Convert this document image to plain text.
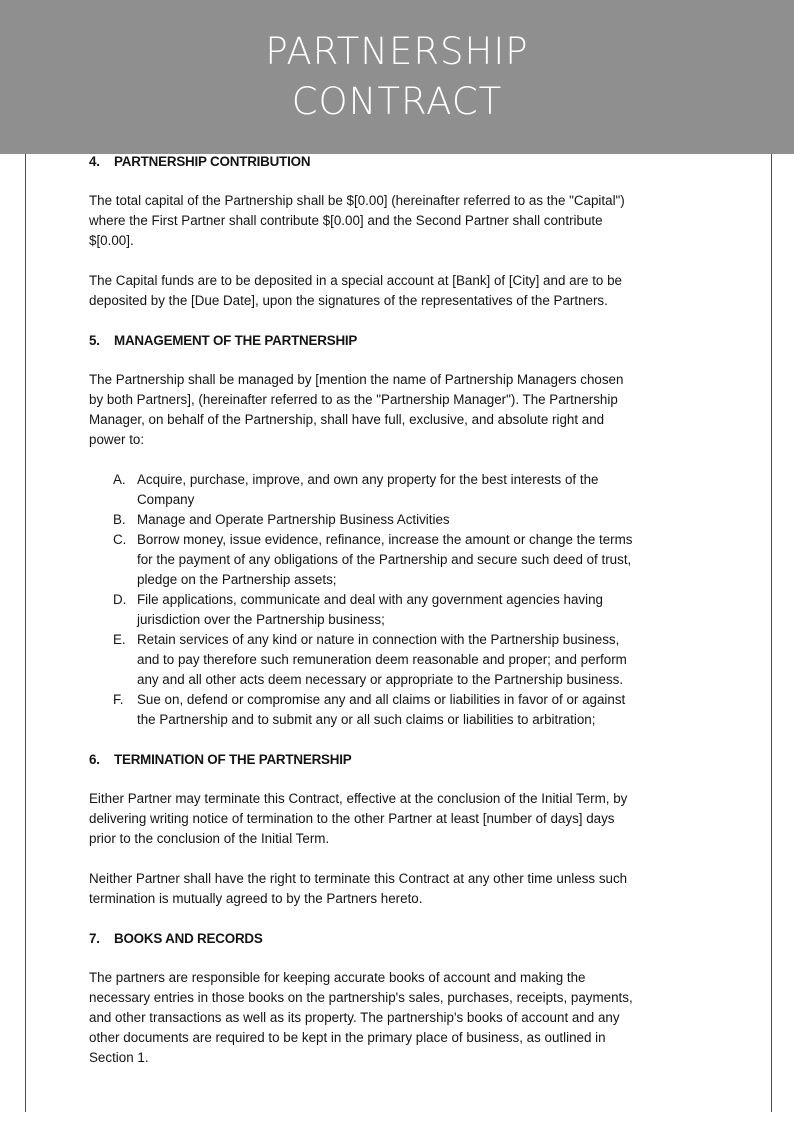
PARTNERSHIP
CONTRACT
4. PARTNERSHIP CONTRIBUTION
The total capital of the Partnership shall be $[0.00] (hereinafter referred to as the "Capital")
where the First Partner shall contribute $[0.00] and the Second Partner shall contribute
$[0.00].
The Capital funds are to be deposited in a special account at [Bank] of [City] and are to be
deposited by the [Due Date], upon the signatures of the representatives of the Partners.
5. MANAGEMENT OF THE PARTNERSHIP
The Partnership shall be managed by [mention the name of Partnership Managers chosen
by both Partners], (hereinafter referred to as the "Partnership Manager"). The Partnership
Manager, on behalf of the Partnership, shall have full, exclusive, and absolute right and
power to:
A. Acquire, purchase, improve, and own any property for the best interests of the
Company
B. Manage and Operate Partnership Business Activities
C. Borrow money, issue evidence, refinance, increase the amount or change the terms
for the payment of any obligations of the Partnership and secure such deed of trust,
pledge on the Partnership assets;
D. File applications, communicate and deal with any government agencies having
jurisdiction over the Partnership business;
E. Retain services of any kind or nature in connection with the Partnership business,
and to pay therefore such remuneration deem reasonable and proper; and perform
any and all other acts deem necessary or appropriate to the Partnership business.
F.	Sue on, defend or compromise any and all claims or liabilities in favor of or against
the Partnership and to submit any or all such claims or liabilities to arbitration;
6. TERMINATION OF THE PARTNERSHIP
Either Partner may terminate this Contract, effective at the conclusion of the Initial Term, by
delivering writing notice of termination to the other Partner at least [number of days] days
prior to the conclusion of the Initial Term.
Neither Partner shall have the right to terminate this Contract at any other time unless such
termination is mutually agreed to by the Partners hereto.
7. BOOKS AND RECORDS
The partners are responsible for keeping accurate books of account and making the
necessary entries in those books on the partnership's sales, purchases, receipts, payments,
and other transactions as well as its property. The partnership's books of account and any
other documents are required to be kept in the primary place of business, as outlined in
Section 1.
